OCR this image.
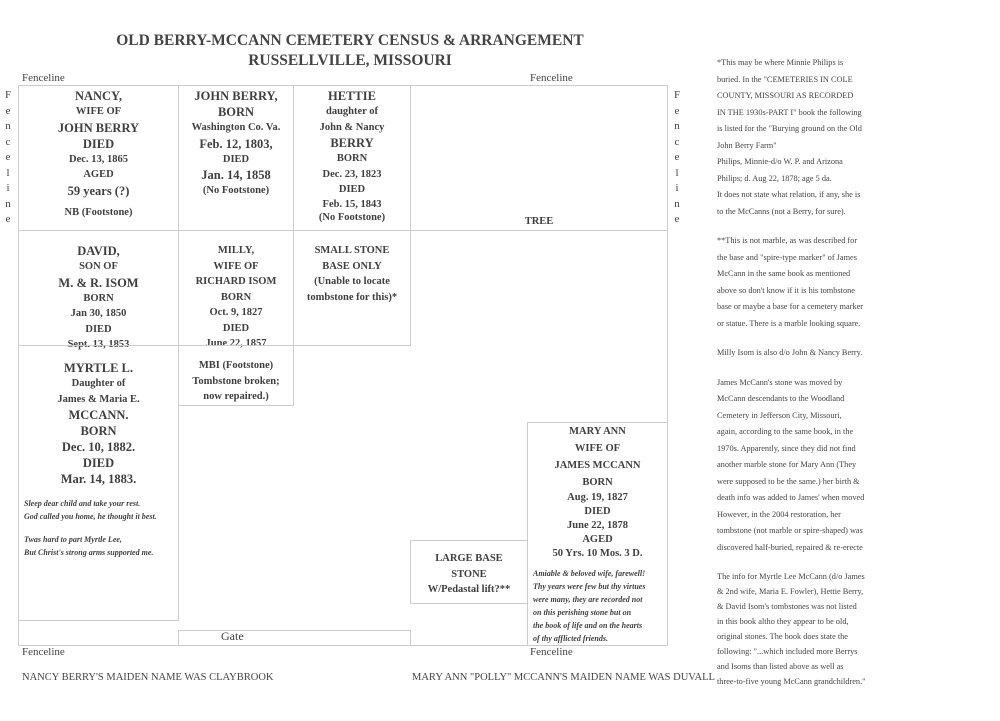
OLD BERRY-MCCANN CEMETERY CENSUS & ARRANGEMENT
RUSSELLVILLE, MISSOURI
Fenceline	Fenceline
Fenceline	Fenceline
F
e
n
c
e
l
i
n
e
F
e
n
c
e
l
i
n
e
NANCY,
WIFE OF
JOHN BERRY
DIED
Dec. 13, 1865
AGED
59 years (?)
NB (Footstone)
JOHN BERRY,
BORN
Washington Co. Va.
Feb. 12, 1803,
DIED
Jan. 14, 1858
(No Footstone)
HETTIE
daughter of
John & Nancy
BERRY
BORN
Dec. 23, 1823
DIED
Feb. 15, 1843
(No Footstone)	TREE
DAVID,
SON OF
M. & R. ISOM
BORN
Jan 30, 1850
DIED
Sept. 13, 1853
MILLY,
WIFE OF
RICHARD ISOM
BORN
Oct. 9, 1827
DIED
June 22, 1857
SMALL STONE
BASE ONLY
(Unable to locate
tombstone for this)*
MYRTLE L.
Daughter of
James & Maria E.
MCCANN.
BORN
Dec. 10, 1882.
DIED
Mar. 14, 1883.
Sleep dear child and take your rest.
God called you home, he thought it best.
Twas hard to part Myrtle Lee,
But Christ's strong arms supported me.
MBI (Footstone)
Tombstone broken;
now repaired.)
LARGE BASE
STONE
W/Pedastal lift?**
MARY ANN
WIFE OF
JAMES MCCANN
BORN
Aug. 19, 1827
DIED
June 22, 1878
AGED
50 Yrs. 10 Mos. 3 D.
Amiable & beloved wife, farewell!
Thy years were few but thy virtues
were many, they are recorded not
on this perishing stone but on
the book of life and on the hearts
of thy afflicted friends.
Gate

*This may be where Minnie Philips is

buried. In the "CEMETERIES IN COLE

COUNTY, MISSOURI AS RECORDED

IN THE 1930s-PART I" book the following

is listed for the "Burying ground on the Old

John Berry Farm"

Philips, Minnie-d/o W. P. and Arizona

Philips; d. Aug 22, 1878; age 5 da.

It does not state what relation, if any, she is

to the McCanns (not a Berry, for sure).

**This is not marble, as was described for

the base and "spire-type marker" of James

McCann in the same book as mentioned

above so don't know if it is his tombstone

base or maybe a base for a cemetery marker

or statue. There is a marble looking square.

Milly Isom is also d/o John & Nancy Berry.

James McCann's stone was moved by

McCann descendants to the Woodland

Cemetery in Jefferson City, Missouri,

again, according to the same book, in the

1970s. Apparently, since they did not find

another marble stone for Mary Ann (They

were supposed to be the same.) her birth &

death info was added to James' when moved

However, in the 2004 restoration, her

tombstone (not marble or spire-shaped) was

discovered half-buried, repaired & re-erecte

The info for Myrtle Lee McCann (d/o James

& 2nd wife, Maria E. Fowler), Hettie Berry,

& David Isom's tombstones was not listed

in this book altho they appear to be old,

original stones. The book does state the

following: "...which included more Berrys

and Isoms than listed above as well as

three-to-five young McCann grandchildren."

NANCY BERRY'S MAIDEN NAME WAS CLAYBROOK	MARY ANN "POLLY" MCCANN'S MAIDEN NAME WAS DUVALL
